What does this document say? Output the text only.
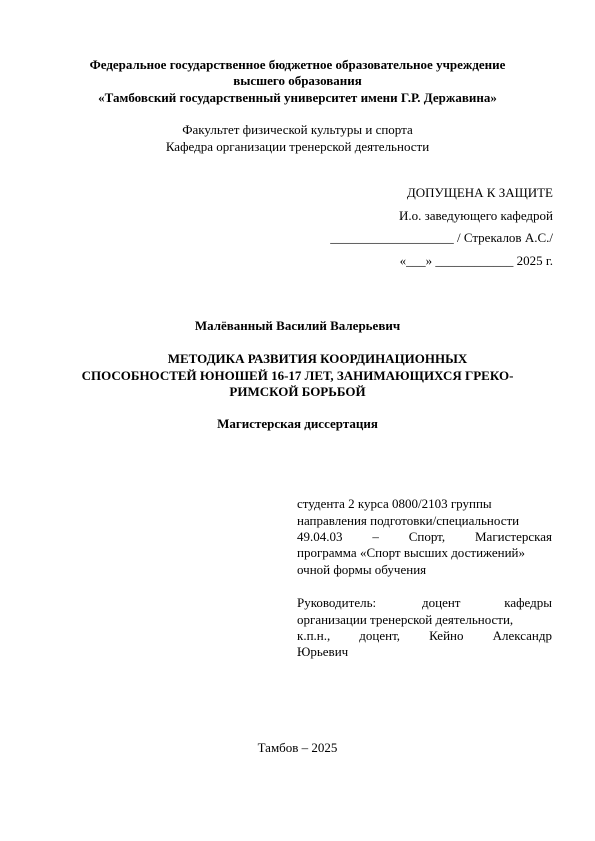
Федеральное государственное бюджетное образовательное учреждение
высшего образования
«Тамбовский государственный университет имени Г.Р. Державина»
Факультет физической культуры и спорта
Кафедра организации тренерской деятельности
ДОПУЩЕНА К ЗАЩИТЕ
И.о. заведующего кафедрой
___________________ / Стрекалов А.С./
«___» ____________ 2025 г.
Малёванный Василий Валерьевич
МЕТОДИКА РАЗВИТИЯ КООРДИНАЦИОННЫХ
СПОСОБНОСТЕЙ ЮНОШЕЙ 16-17 ЛЕТ, ЗАНИМАЮЩИХСЯ ГРЕКО-
РИМСКОЙ БОРЬБОЙ
Магистерская диссертация
студента 2 курса 0800/2103 группы
направления подготовки/специальности
49.04.03 – Спорт, Магистерская
программа «Спорт высших достижений»
очной формы обучения
Руководитель:	доцент	кафедры
организации тренерской деятельности,
к.п.н., доцент, Кейно Александр
Юрьевич
Тамбов – 2025
